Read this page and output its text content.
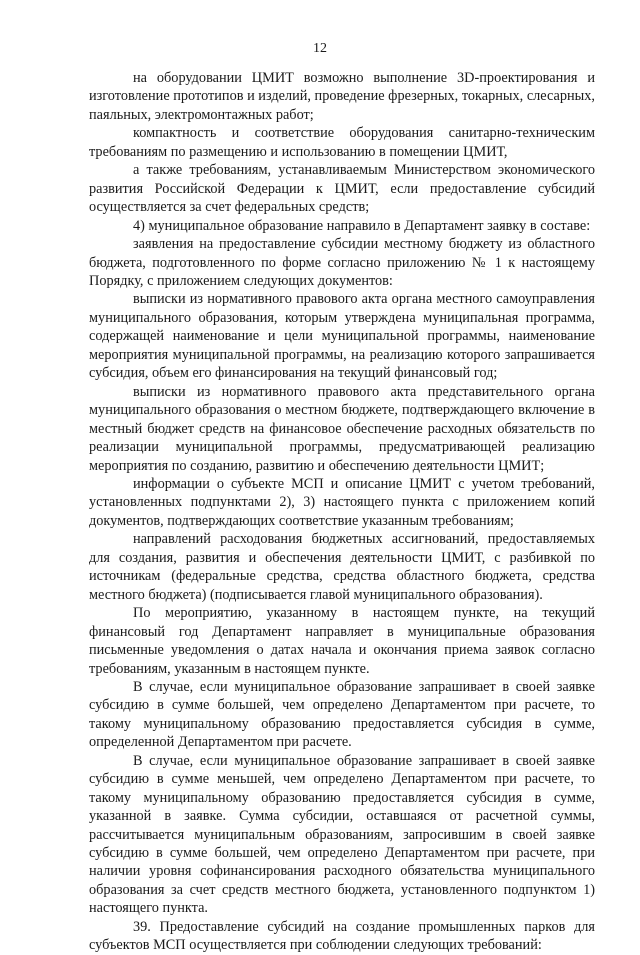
12

на оборудовании ЦМИТ возможно выполнение 3D-проектирования и изготовление прототипов и изделий, проведение фрезерных, токарных, слесарных, паяльных, электромонтажных работ;

компактность и соответствие оборудования санитарно-техническим требованиям по размещению и использованию в помещении ЦМИТ,

а также требованиям, устанавливаемым Министерством экономического развития Российской Федерации к ЦМИТ, если предоставление субсидий осуществляется за счет федеральных средств;

4) муниципальное образование направило в Департамент заявку в составе:

заявления на предоставление субсидии местному бюджету из областного бюджета, подготовленного по форме согласно приложению № 1 к настоящему Порядку, с приложением следующих документов:

выписки из нормативного правового акта органа местного самоуправления муниципального образования, которым утверждена муниципальная программа, содержащей наименование и цели муниципальной программы, наименование мероприятия муниципальной программы, на реализацию которого запрашивается субсидия, объем его финансирования на текущий финансовый год;

выписки из нормативного правового акта представительного органа муниципального образования о местном бюджете, подтверждающего включение в местный бюджет средств на финансовое обеспечение расходных обязательств по реализации муниципальной программы, предусматривающей реализацию мероприятия по созданию, развитию и обеспечению деятельности ЦМИТ;

информации о субъекте МСП и описание ЦМИТ с учетом требований, установленных подпунктами 2), 3) настоящего пункта с приложением копий документов, подтверждающих соответствие указанным требованиям;

направлений расходования бюджетных ассигнований, предоставляемых для создания, развития и обеспечения деятельности ЦМИТ, с разбивкой по источникам (федеральные средства, средства областного бюджета, средства местного бюджета) (подписывается главой муниципального образования).

По мероприятию, указанному в настоящем пункте, на текущий финансовый год Департамент направляет в муниципальные образования письменные уведомления о датах начала и окончания приема заявок согласно требованиям, указанным в настоящем пункте.

В случае, если муниципальное образование запрашивает в своей заявке субсидию в сумме большей, чем определено Департаментом при расчете, то такому муниципальному образованию предоставляется субсидия в сумме, определенной Департаментом при расчете.

В случае, если муниципальное образование запрашивает в своей заявке субсидию в сумме меньшей, чем определено Департаментом при расчете, то такому муниципальному образованию предоставляется субсидия в сумме, указанной в заявке. Сумма субсидии, оставшаяся от расчетной суммы, рассчитывается муниципальным образованиям, запросившим в своей заявке субсидию в сумме большей, чем определено Департаментом при расчете, при наличии уровня софинансирования расходного обязательства муниципального образования за счет средств местного бюджета, установленного подпунктом 1) настоящего пункта.

39. Предоставление субсидий на создание промышленных парков для субъектов МСП осуществляется при соблюдении следующих требований:
